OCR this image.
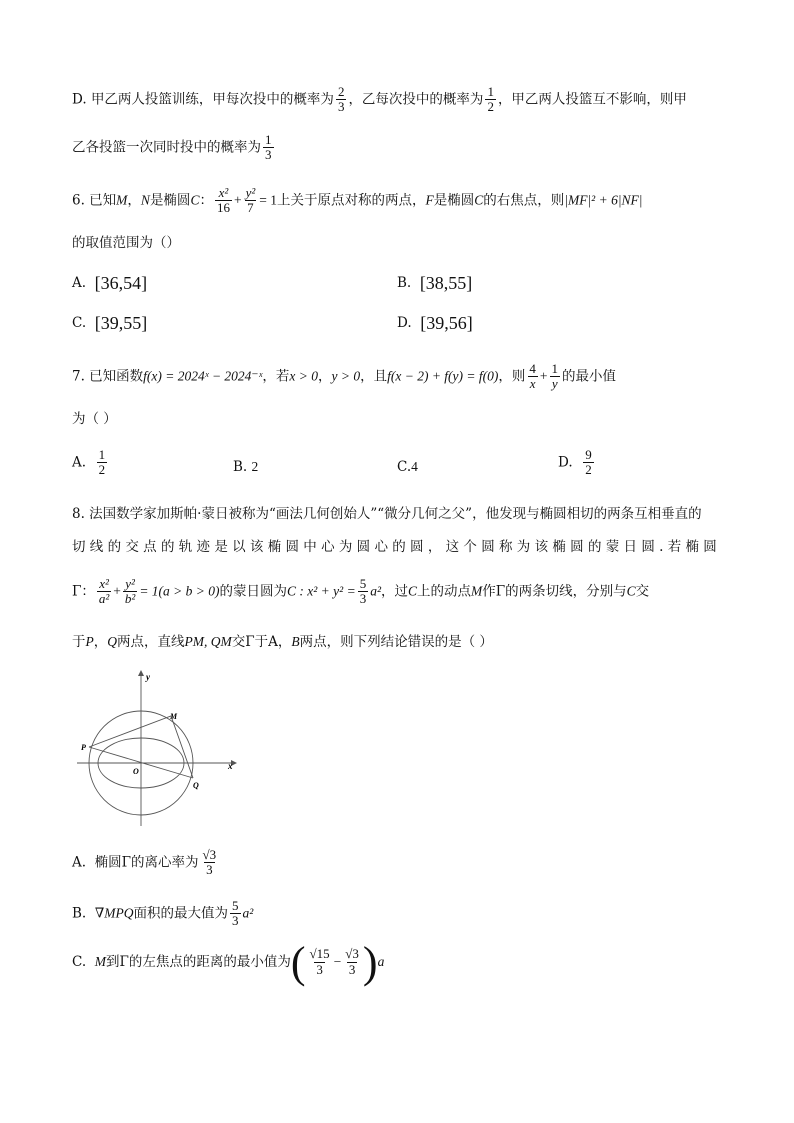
D. 甲乙两人投篮训练，甲每次投中的概率为 $\frac{2}{3}$ ，乙每次投中的概率为 $\frac{1}{2}$ ，甲乙两人投篮互不影响，则甲
乙各投篮一次同时投中的概率为 $\frac{1}{3}$
6. 已知M，N是椭圆C： $\frac{\text{x²}}{16} + \frac{\text{y²}}{7} = 1$上关于原点对称的两点，F是椭圆C的右焦点，则|MF|² + 6|NF|
的取值范围为（）
A. [36,54]	B. [38,55]
C. [39,55]	D. [39,56]
7. 已知函数f(x) = 2024ˣ − 2024⁻ˣ，若x > 0，y > 0，且f(x − 2) + f(y) = f(0)，则 $\frac{4}{x} + \frac{1}{y}$ 的最小值
为（ ）
A. $\frac{1}{2}$	B. 2	C.4	D. $\frac{9}{2}$
8. 法国数学家加斯帕·蒙日被称为“画法几何创始人”“微分几何之父”，他发现与椭圆相切的两条互相垂直的
切 线 的 交 点 的 轨 迹 是 以 该 椭 圆 中 心 为 圆 心 的 圆 ， 这 个 圆 称 为 该 椭 圆 的 蒙 日 圆 . 若 椭 圆
Γ： $\frac{\text{x²}}{\text{a²}} + \frac{\text{y²}}{\text{b²}} = 1(a > b > 0)$的蒙日圆为C : $x^2 + y^2 = \frac{5}{3} a^2$，过C上的动点M作Γ的两条切线，分别与C交
于P，Q两点，直线PM, QM交Γ于A，B两点，则下列结论错误的是（ ）
y
x
O
M
P
Q
A. 椭圆Γ的离心率为 $\frac{√3}{3}$
B. ∇MPQ面积的最大值为 $\frac{5}{3} a^2$
C. M到Γ的左焦点的距离的最小值为( $\frac{√15}{3} - \frac{√3}{3} )a$
